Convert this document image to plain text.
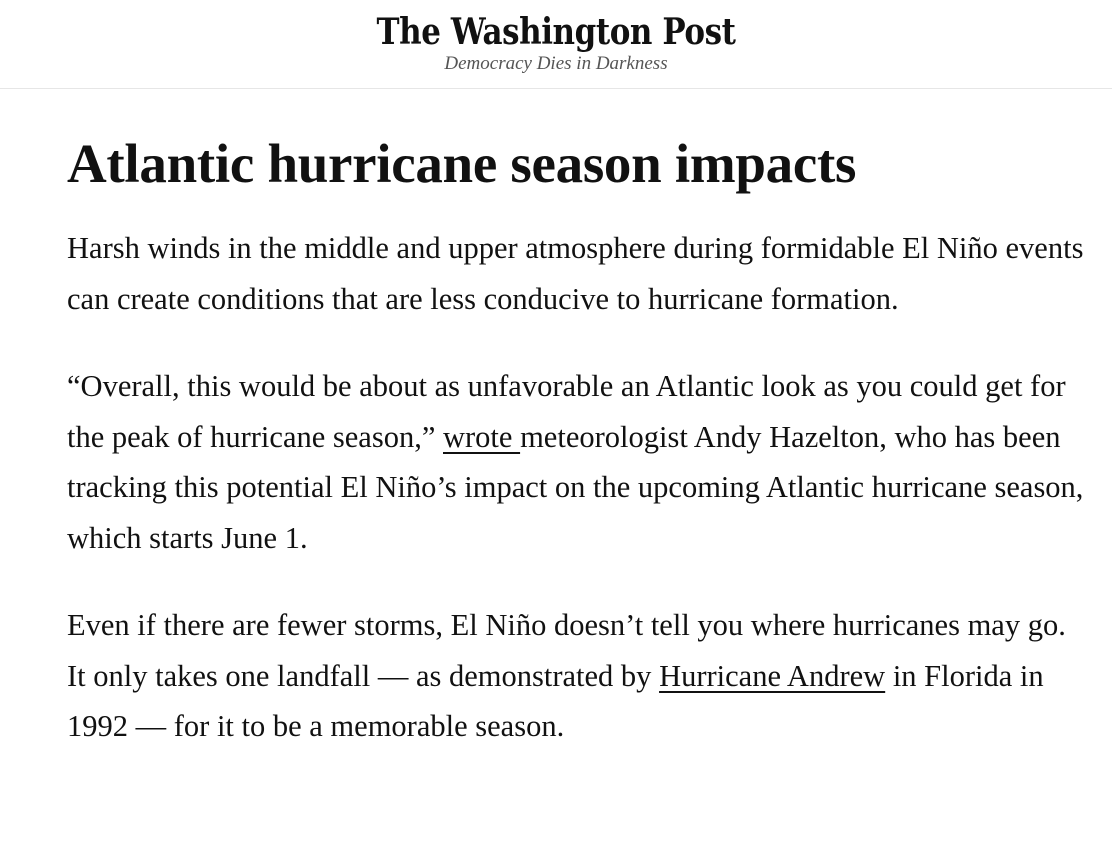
The Washington Post
Democracy Dies in Darkness
Atlantic hurricane season impacts

Harsh winds in the middle and upper atmosphere during formidable El Niño events can create conditions that are less conducive to hurricane formation.

“Overall, this would be about as unfavorable an Atlantic look as you could get for the peak of hurricane season,” wrote meteorologist Andy Hazelton, who has been tracking this potential El Niño’s impact on the upcoming Atlantic hurricane season, which starts June 1.

Even if there are fewer storms, El Niño doesn’t tell you where hurricanes may go. It only takes one landfall — as demonstrated by Hurricane Andrew in Florida in 1992 — for it to be a memorable season.
